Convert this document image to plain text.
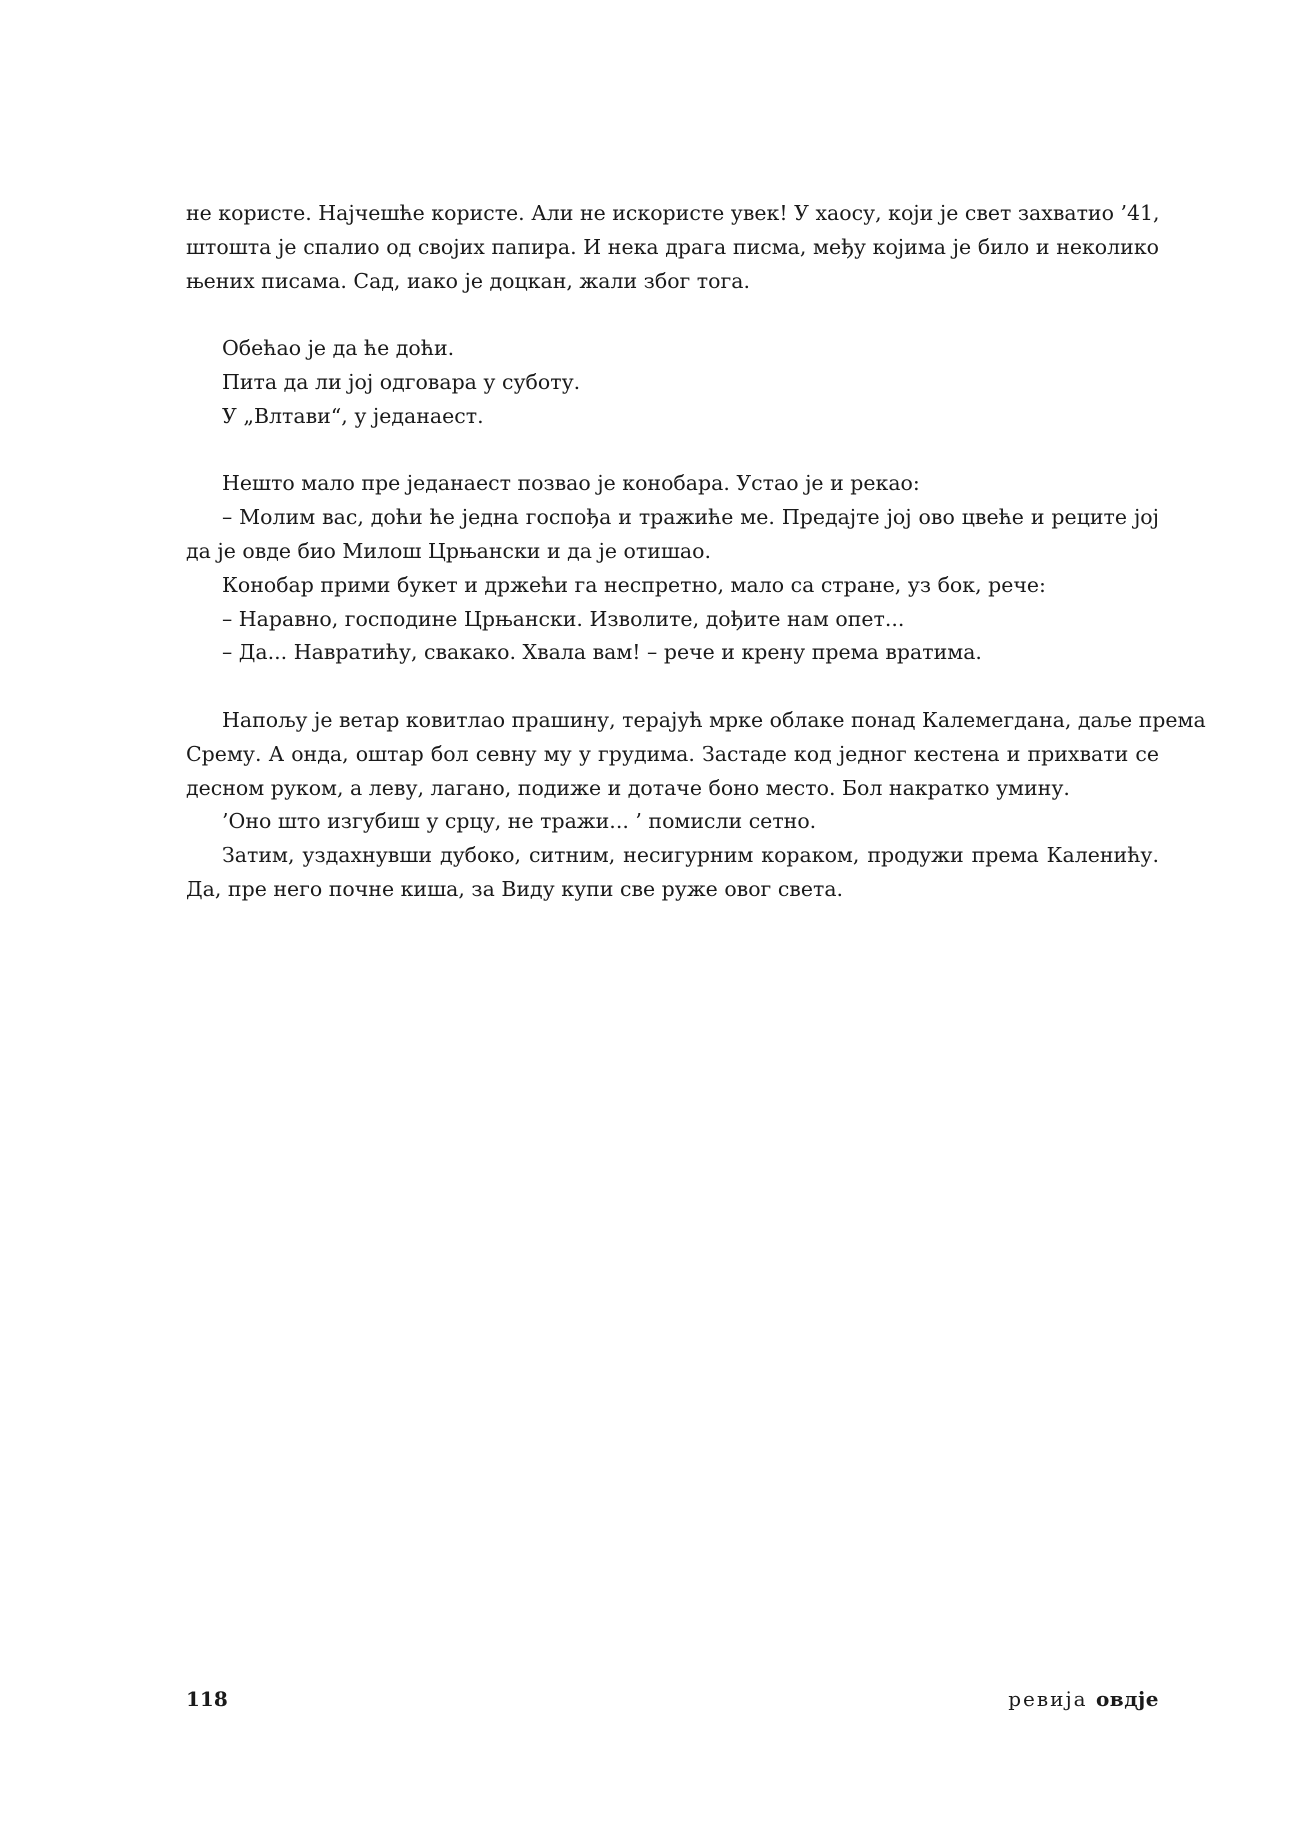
не користе. Најчешће користе. Али не искористе увек! У хаосу, који је свет захватио ’41,
штошта је спалио од својих папира. И нека драга писма, међу којима је било и неколико
њених писама. Сад, иако је доцкан, жали због тога.
Обећао је да ће доћи.
Пита да ли јој одговара у суботу.
У „Влтави“, у једанаест.
Нешто мало пре једанаест позвао је конобара. Устао је и рекао:
– Молим вас, доћи ће једна госпођа и тражиће ме. Предајте јој ово цвеће и реците јој
да је овде био Милош Црњански и да је отишао.
Конобар прими букет и држећи га неспретно, мало са стране, уз бок, рече:
– Наравно, господине Црњански. Изволите, дођите нам опет...
– Да... Навратићу, свакако. Хвала вам! – рече и крену према вратима.
Напољу је ветар ковитлао прашину, терајућ мрке облаке понад Калемегдана, даље према
Срему. А онда, оштар бол севну му у грудима. Застаде код једног кестена и прихвати се
десном руком, а леву, лагано, подиже и дотаче боно место. Бол накратко умину.
’Оно што изгубиш у срцу, не тражи... ’ помисли сетно.
Затим, уздахнувши дубоко, ситним, несигурним кораком, продужи према Каленићу.
Да, пре него почне киша, за Виду купи све руже овог света.
118	ревија овдје
